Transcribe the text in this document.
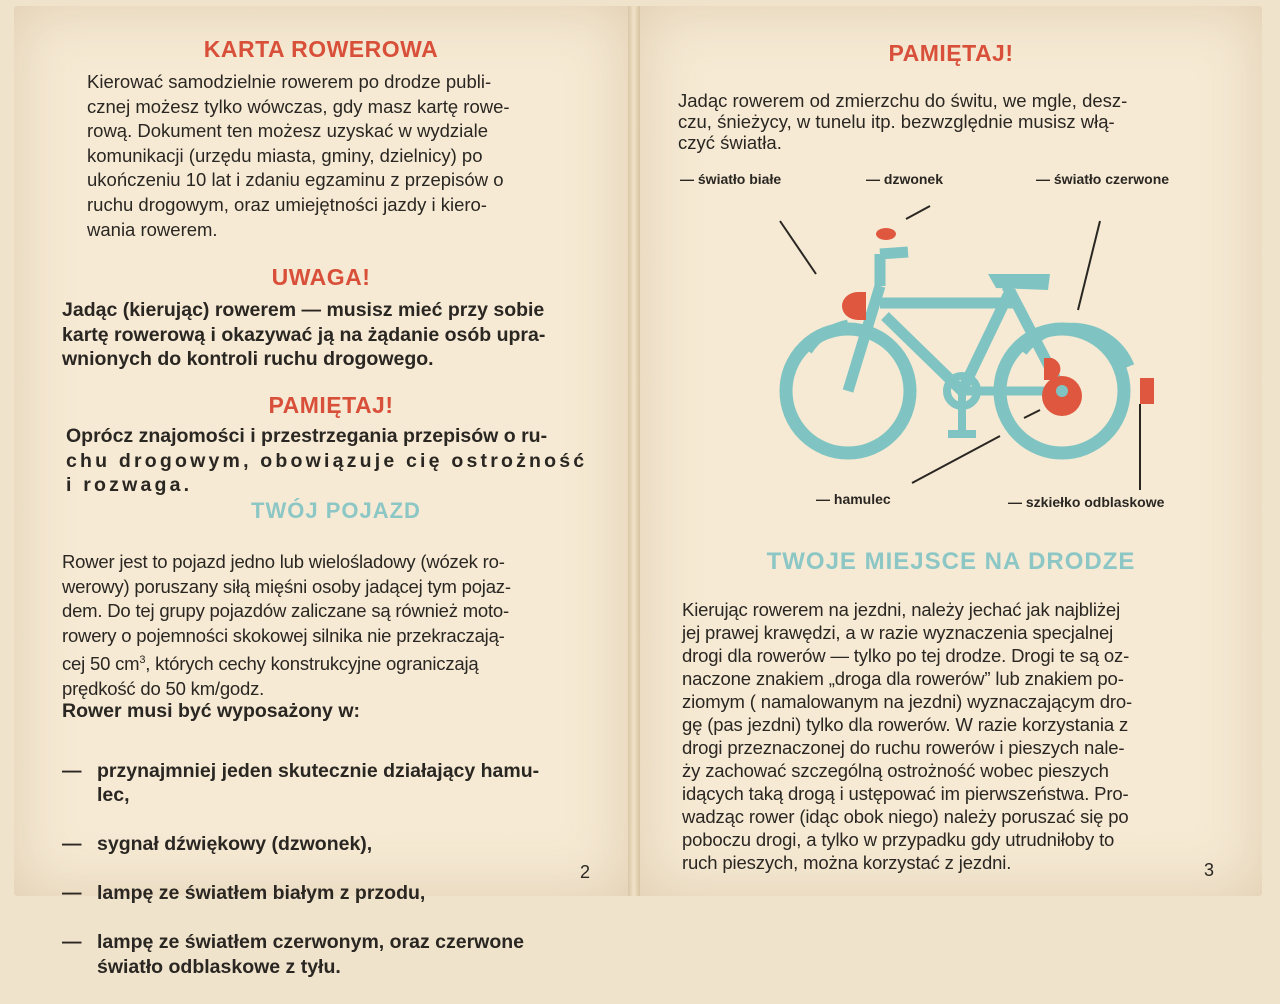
KARTA ROWEROWA

Kierować samodzielnie rowerem po drodze publi-
cznej możesz tylko wówczas, gdy masz kartę rowe-
rową. Dokument ten możesz uzyskać w wydziale
komunikacji (urzędu miasta, gminy, dzielnicy) po
ukończeniu 10 lat i zdaniu egzaminu z przepisów o
ruchu drogowym, oraz umiejętności jazdy i kiero-
wania rowerem.

UWAGA!

Jadąc (kierując) rowerem — musisz mieć przy sobie
kartę rowerową i okazywać ją na żądanie osób upra-
wnionych do kontroli ruchu drogowego.

PAMIĘTAJ!

Oprócz znajomości i przestrzegania przepisów o ru-
chu drogowym, obowiązuje cię ostrożność
i rozwaga.

TWÓJ POJAZD

Rower jest to pojazd jedno lub wielośladowy (wózek ro-
werowy) poruszany siłą mięśni osoby jadącej tym pojaz-
dem. Do tej grupy pojazdów zaliczane są również moto-
rowery o pojemności skokowej silnika nie przekraczają-
cej 50 $cm^3$, których cechy konstrukcyjne ograniczają
prędkość do 50 km/godz.

Rower musi być wyposażony w:

— przynajmniej jeden skutecznie działający hamu-
lec,

— sygnał dźwiękowy (dzwonek),

— lampę ze światłem białym z przodu,

— lampę ze światłem czerwonym, oraz czerwone
światło odblaskowe z tyłu.

2

PAMIĘTAJ!

Jadąc rowerem od zmierzchu do świtu, we mgle, desz-
czu, śnieżycy, w tunelu itp. bezwzględnie musisz włą-
czyć światła.
— światło białe	— dzwonek	— światło czerwone
— hamulec	— szkiełko odblaskowe

TWOJE MIEJSCE NA DRODZE

Kierując rowerem na jezdni, należy jechać jak najbliżej
jej prawej krawędzi, a w razie wyznaczenia specjalnej
drogi dla rowerów — tylko po tej drodze. Drogi te są oz-
naczone znakiem „droga dla rowerów” lub znakiem po-
ziomym ( namalowanym na jezdni) wyznaczającym dro-
gę (pas jezdni) tylko dla rowerów. W razie korzystania z
drogi przeznaczonej do ruchu rowerów i pieszych nale-
ży zachować szczególną ostrożność wobec pieszych
idących taką drogą i ustępować im pierwszeństwa. Pro-
wadząc rower (idąc obok niego) należy poruszać się po
poboczu drogi, a tylko w przypadku gdy utrudniłoby to
ruch pieszych, można korzystać z jezdni.	3
